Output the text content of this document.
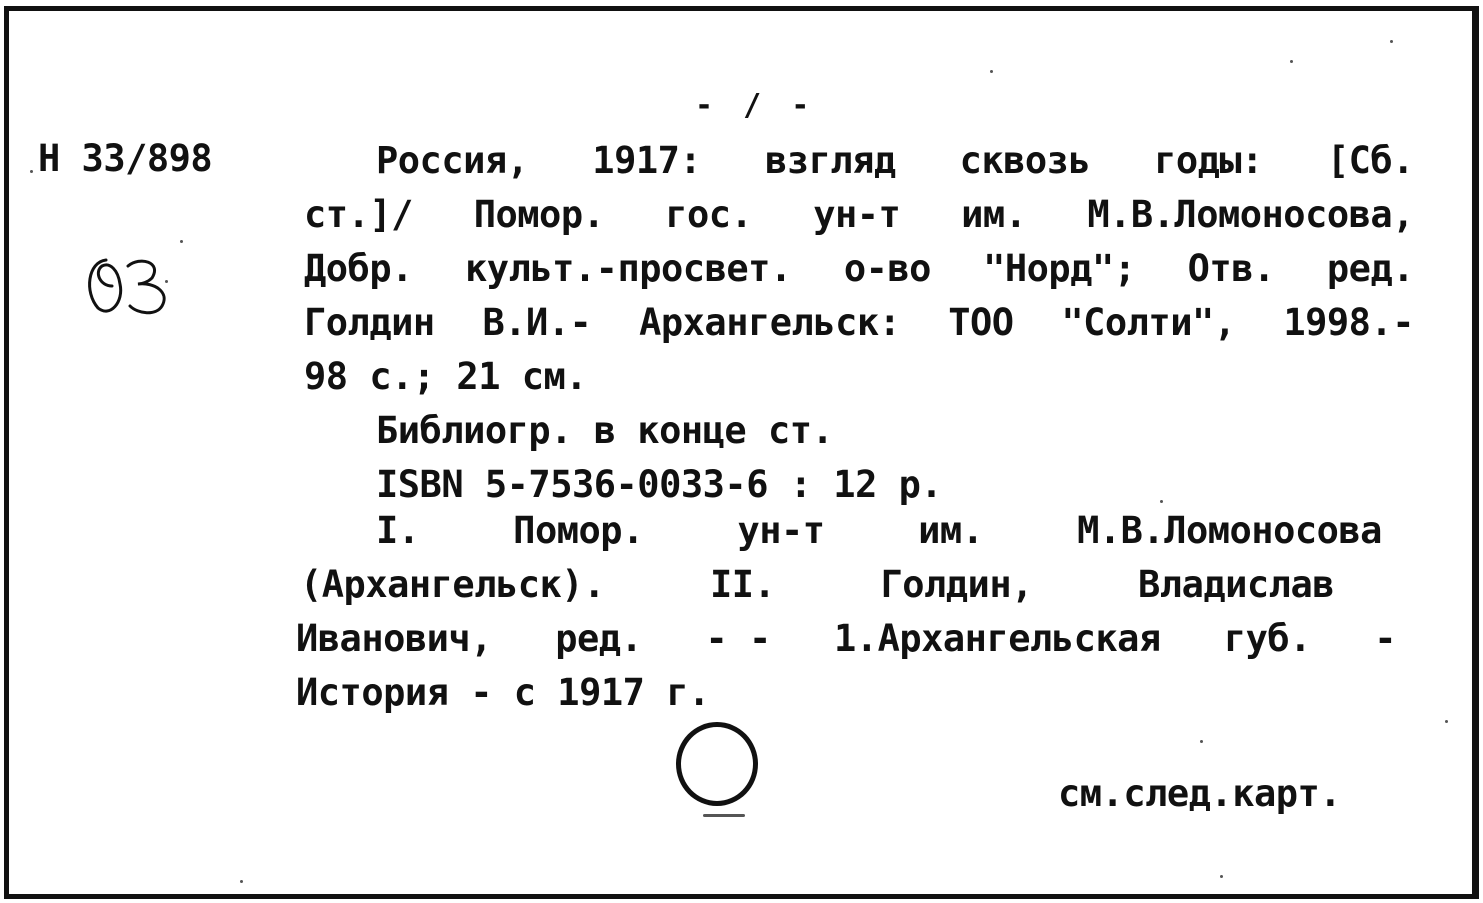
- / -
Н 33/898	Россия, 1917: взгляд сквозь годы: [Сб.
ст.]/ Помор. гос. ун-т им. М.В.Ломоносова,
Добр. культ.-просвет. о-во "Норд"; Отв. ред.
Голдин В.И.- Архангельск: ТОО "Солти", 1998.-
98 с.; 21 см.
Библиогр. в конце ст.
ISBN 5-7536-0033-6 : 12 р.
I.	Помор.	ун-т	им.	М.В.Ломоносова
(Архангельск).	II.	Голдин,	Владислав
Иванович, ред. - - 1.Архангельская губ. -
История - с 1917 г.
см.след.карт.
